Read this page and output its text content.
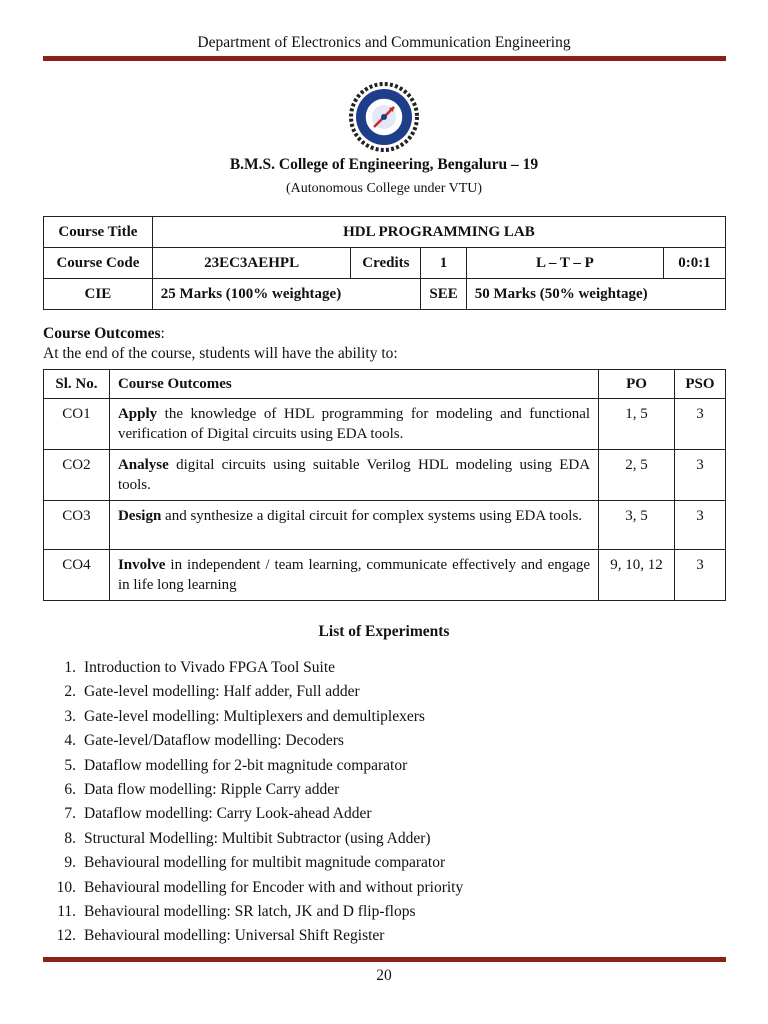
Department of Electronics and Communication Engineering
B.M.S. College of Engineering, Bengaluru – 19
(Autonomous College under VTU)
Course Title	HDL PROGRAMMING LAB				
Course Code	23EC3AEHPL	Credits	1	L – T – P	0:0:1
CIE	25 Marks (100% weightage)		SEE	50 Marks (50% weightage)	
Course Outcomes:
At the end of the course, students will have the ability to:
Sl. No.	Course Outcomes	PO	PSO
CO1	Apply the knowledge of HDL programming for modeling and functional verification of Digital circuits using EDA tools.	1, 5	3
CO2	Analyse digital circuits using suitable Verilog HDL modeling using EDA tools.	2, 5	3
CO3	Design and synthesize a digital circuit for complex systems using EDA tools.	3, 5	3
CO4	Involve in independent / team learning, communicate effectively and engage in life long learning	9, 10, 12	3
List of Experiments
1. Introduction to Vivado FPGA Tool Suite
2. Gate-level modelling: Half adder, Full adder
3. Gate-level modelling: Multiplexers and demultiplexers
4. Gate-level/Dataflow modelling: Decoders
5. Dataflow modelling for 2-bit magnitude comparator
6. Data flow modelling: Ripple Carry adder
7. Dataflow modelling: Carry Look-ahead Adder
8. Structural Modelling: Multibit Subtractor (using Adder)
9. Behavioural modelling for multibit magnitude comparator
10. Behavioural modelling for Encoder with and without priority
11. Behavioural modelling: SR latch, JK and D flip-flops
12. Behavioural modelling: Universal Shift Register
20
